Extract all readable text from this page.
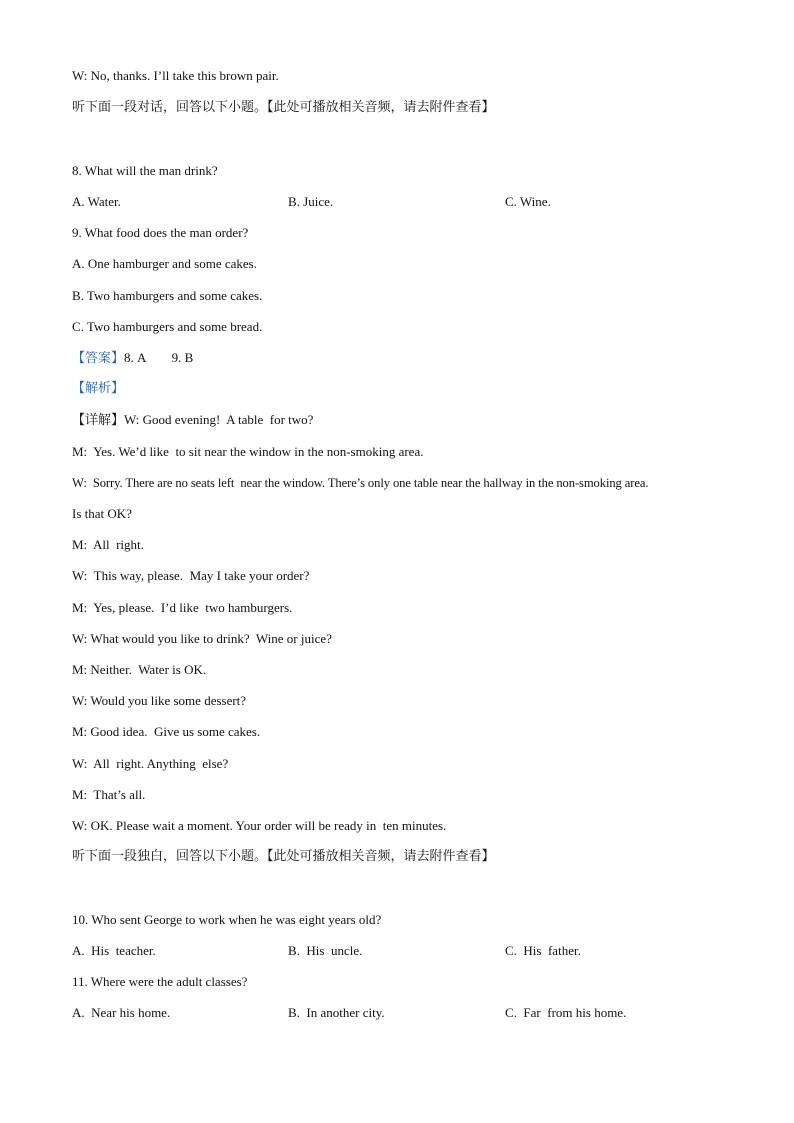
W: No, thanks. I’ll take this brown pair.
听下面一段对话，回答以下小题。【此处可播放相关音频，请去附件查看】
8. What will the man drink?
A. Water.	B. Juice.	C. Wine.
9. What food does the man order?
A. One hamburger and some cakes.
B. Two hamburgers and some cakes.
C. Two hamburgers and some bread.
【答案】8. A        9. B
【解析】
【详解】W: Good evening!  A table  for two?
M:  Yes. We’d like  to sit near the window in the non-smoking area.
W:  Sorry. There are no seats left  near the window. There’s only one table near the hallway in the non-smoking area.
Is that OK?
M:  All  right.
W:  This way, please.  May I take your order?
M:  Yes, please.  I’d like  two hamburgers.
W: What would you like to drink?  Wine or juice?
M: Neither.  Water is OK.
W: Would you like some dessert?
M: Good idea.  Give us some cakes.
W:  All  right. Anything  else?
M:  That’s all.
W: OK. Please wait a moment. Your order will be ready in  ten minutes.
听下面一段独白，回答以下小题。【此处可播放相关音频，请去附件查看】
10. Who sent George to work when he was eight years old?
A.  His  teacher.	B.  His  uncle.	C.  His  father.
11. Where were the adult classes?
A.  Near his home.	B.  In another city.	C.  Far  from his home.
